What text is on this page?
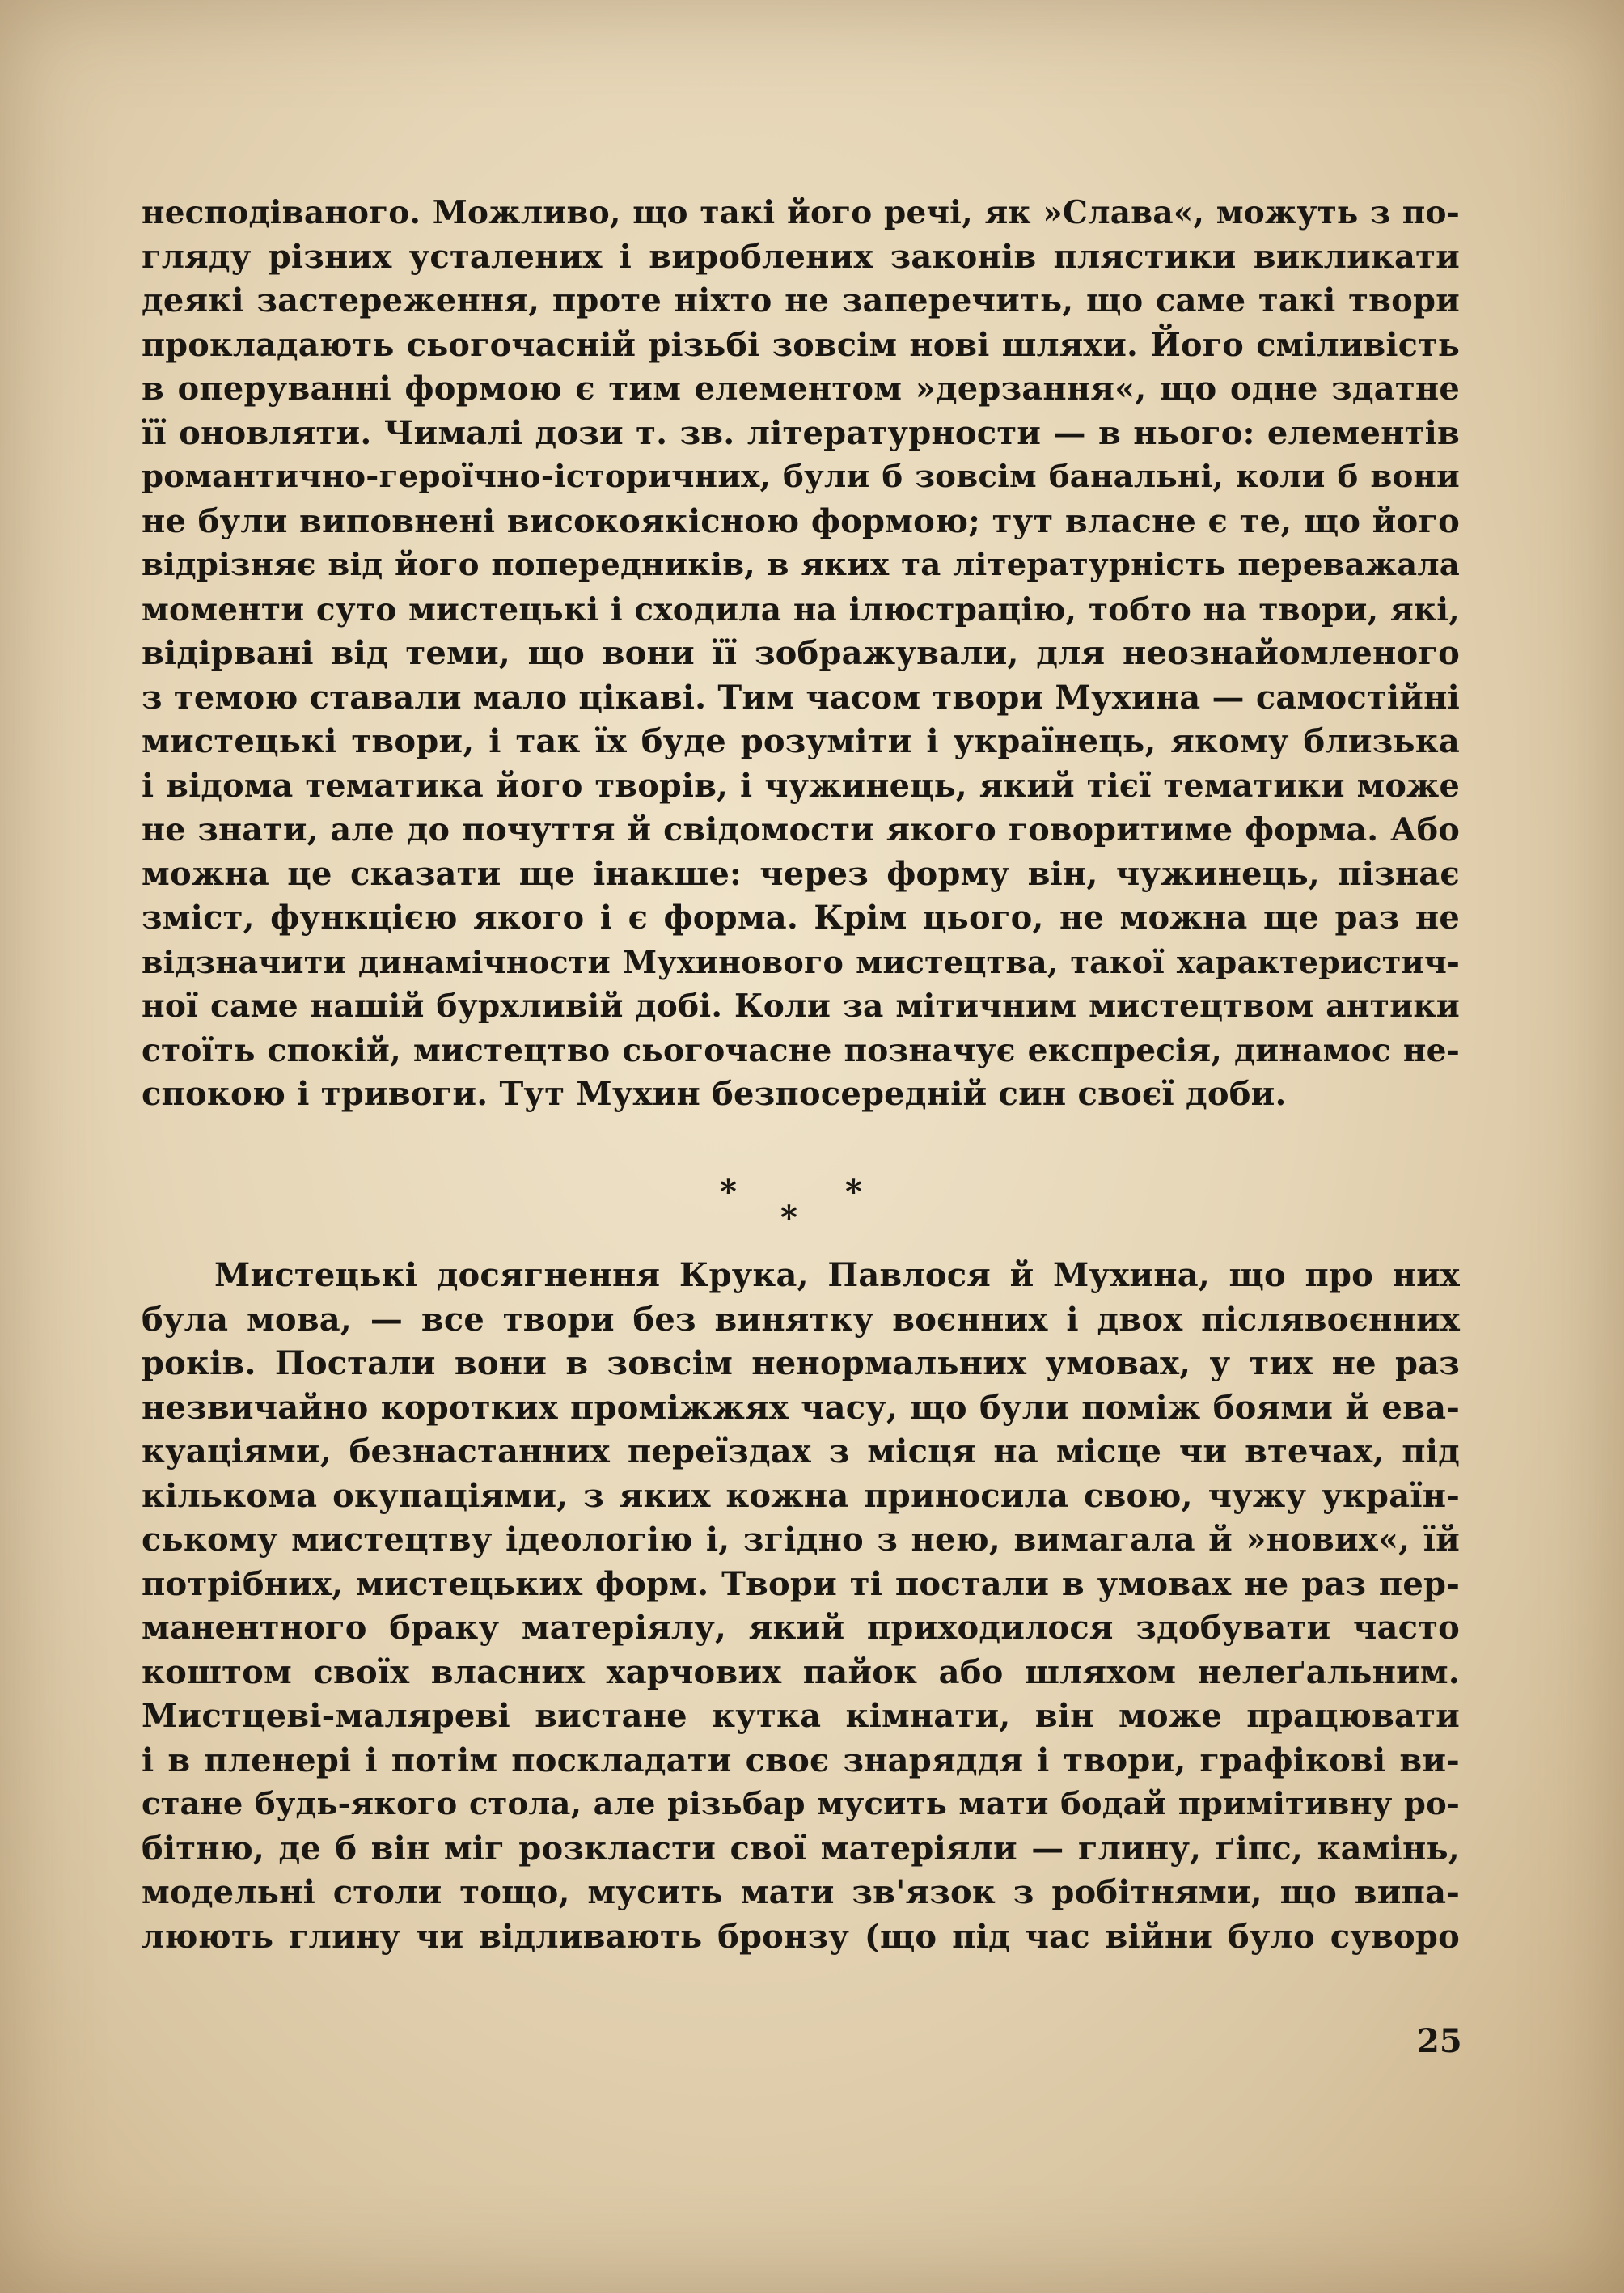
несподіваного. Можливо, що такі його речі, як »Слава«, можуть з по-
гляду різних усталених і вироблених законів плястики викликати
деякі застереження, проте ніхто не заперечить, що саме такі твори
прокладають сьогочасній різьбі зовсім нові шляхи. Його сміливість
в оперуванні формою є тим елементом »дерзання«, що одне здатне
її оновляти. Чималі дози т. зв. літературности — в нього: елементів
романтично-героїчно-історичних, були б зовсім банальні, коли б вони
не були виповнені високоякісною формою; тут власне є те, що його
відрізняє від його попередників, в яких та літературність переважала
моменти суто мистецькі і сходила на ілюстрацію, тобто на твори, які,
відірвані від теми, що вони її зображували, для неознайомленого
з темою ставали мало цікаві. Тим часом твори Мухина — самостійні
мистецькі твори, і так їх буде розуміти і українець, якому близька
і відома тематика його творів, і чужинець, який тієї тематики може
не знати, але до почуття й свідомости якого говоритиме форма. Або
можна це сказати ще інакше: через форму він, чужинець, пізнає
зміст, функцією якого і є форма. Крім цього, не можна ще раз не
відзначити динамічности Мухинового мистецтва, такої характеристич-
ної саме нашій бурхливій добі. Коли за мітичним мистецтвом антики
стоїть спокій, мистецтво сьогочасне позначує експресія, динамос не-
спокою і тривоги. Тут Мухин безпосередній син своєї доби.
*	*
*
Мистецькі досягнення Крука, Павлося й Мухина, що про них
була мова, — все твори без винятку воєнних і двох післявоєнних
років. Постали вони в зовсім ненормальних умовах, у тих не раз
незвичайно коротких проміжжях часу, що були поміж боями й ева-
куаціями, безнастанних переїздах з місця на місце чи втечах, під
кількома окупаціями, з яких кожна приносила свою, чужу україн-
ському мистецтву ідеологію і, згідно з нею, вимагала й »нових«, їй
потрібних, мистецьких форм. Твори ті постали в умовах не раз пер-
манентного браку матеріялу, який приходилося здобувати часто
коштом своїх власних харчових пайок або шляхом нелеґальним.
Мистцеві-маляреві вистане кутка кімнати, він може працювати
і в пленері і потім поскладати своє знаряддя і твори, графікові ви-
стане будь-якого стола, але різьбар мусить мати бодай примітивну ро-
бітню, де б він міг розкласти свої матеріяли — глину, ґіпс, камінь,
модельні столи тощо, мусить мати зв'язок з робітнями, що випа-
люють глину чи відливають бронзу (що під час війни було суворо
25
